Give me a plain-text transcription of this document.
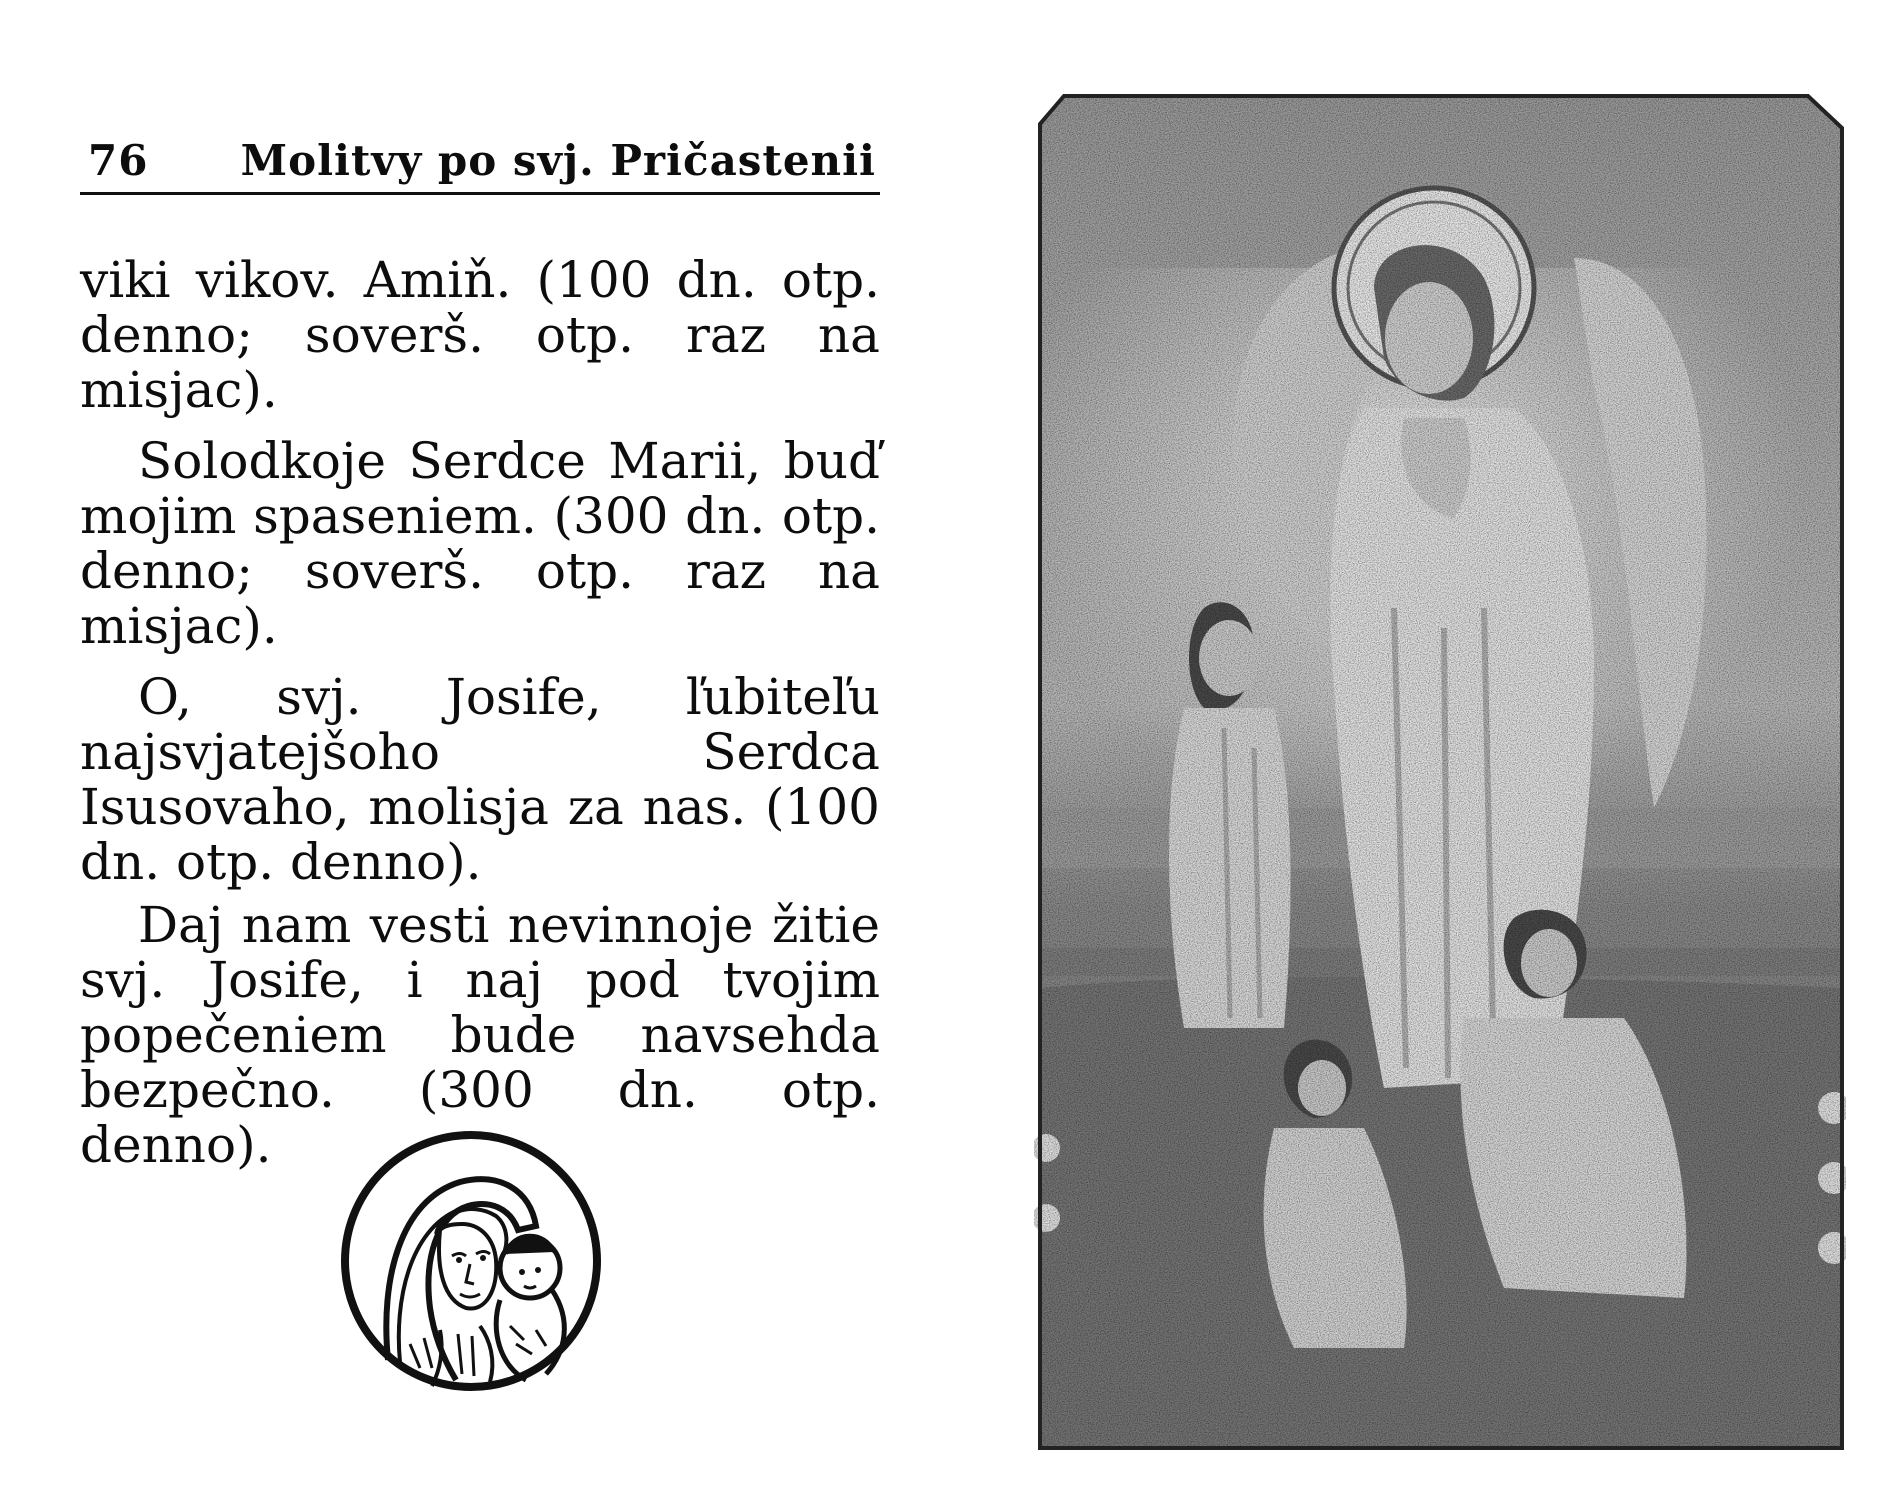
76 Molitvy po svj. Pričastenii

viki vikov. Amiň. (100 dn. otp. denno; soverš. otp. raz na misjac).

Solodkoje Serdce Marii, buď mojim spaseniem. (300 dn. otp. denno; soverš. otp. raz na misjac).

O, svj. Josife, ľubiteľu najsvjatejšoho Serdca Isusovaho, molisja za nas. (100 dn. otp. denno).

Daj nam vesti nevinnoje žitie svj. Josife, i naj pod tvojim popečeniem bude navsehda bezpečno. (300 dn. otp. denno).
